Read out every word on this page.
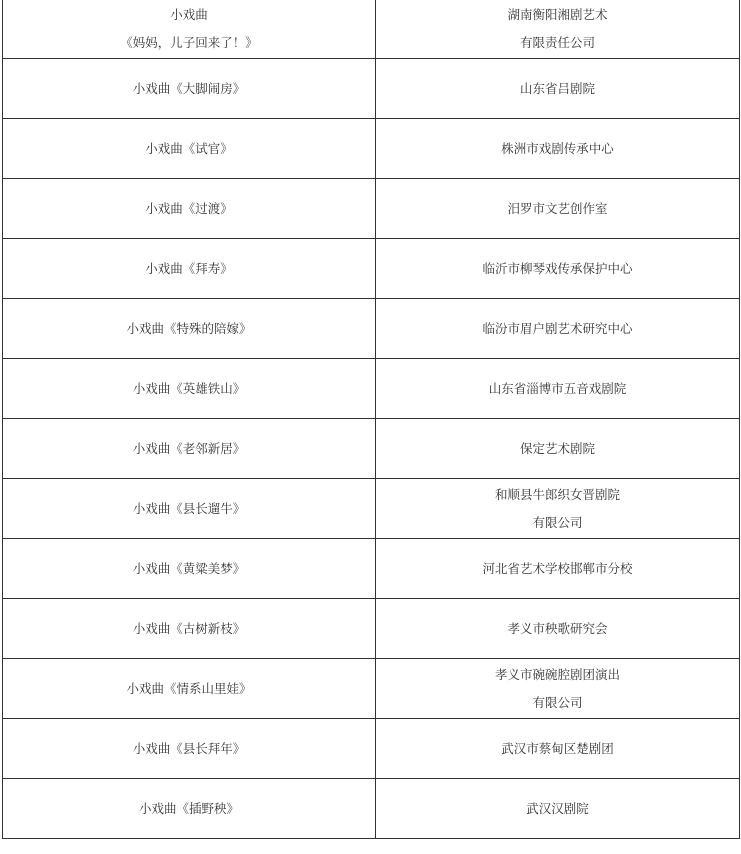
小戏曲
《妈妈，儿子回来了！》	湖南衡阳湘剧艺术
有限责任公司

小戏曲《大脚闹房》	山东省吕剧院

小戏曲《试官》	株洲市戏剧传承中心

小戏曲《过渡》	汨罗市文艺创作室

小戏曲《拜寿》	临沂市柳琴戏传承保护中心

小戏曲《特殊的陪嫁》	临汾市眉户剧艺术研究中心

小戏曲《英雄铁山》	山东省淄博市五音戏剧院

小戏曲《老邻新居》	保定艺术剧院

小戏曲《县长遛牛》	和顺县牛郎织女晋剧院
有限公司

小戏曲《黄粱美梦》	河北省艺术学校邯郸市分校

小戏曲《古树新枝》	孝义市秧歌研究会

小戏曲《情系山里娃》	孝义市碗碗腔剧团演出
有限公司

小戏曲《县长拜年》	武汉市蔡甸区楚剧团

小戏曲《插野秧》	武汉汉剧院
